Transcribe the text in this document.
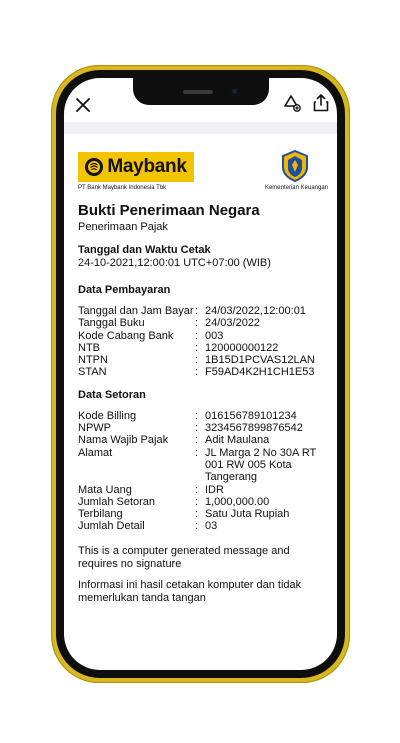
Maybank
PT Bank Maybank Indonesia Tbk	Kementerian Keuangan
Bukti Penerimaan Negara
Penerimaan Pajak
Tanggal dan Waktu Cetak
24-10-2021,12:00:01 UTC+07:00 (WIB)
Data Pembayaran
Tanggal dan Jam Bayar : 24/03/2022,12:00:01
Tanggal Buku	: 24/03/2022
Kode Cabang Bank	: 003
NTB	: 120000000122
NTPN	: 1B15D1PCVAS12LAN
STAN	: F59AD4K2H1CH1E53
Data Setoran
Kode Billing	: 016156789101234
NPWP	: 3234567899876542
Nama Wajib Pajak	: Adit Maulana
Alamat	: JL Marga 2 No 30A RT
001 RW 005 Kota
Tangerang
Mata Uang	: IDR
Jumlah Setoran	: 1,000,000.00
Terbilang	: Satu Juta Rupiah
Jumlah Detail	: 03
This is a computer generated message and requires no signature
Informasi ini hasil cetakan komputer dan tidak memerlukan tanda tangan
